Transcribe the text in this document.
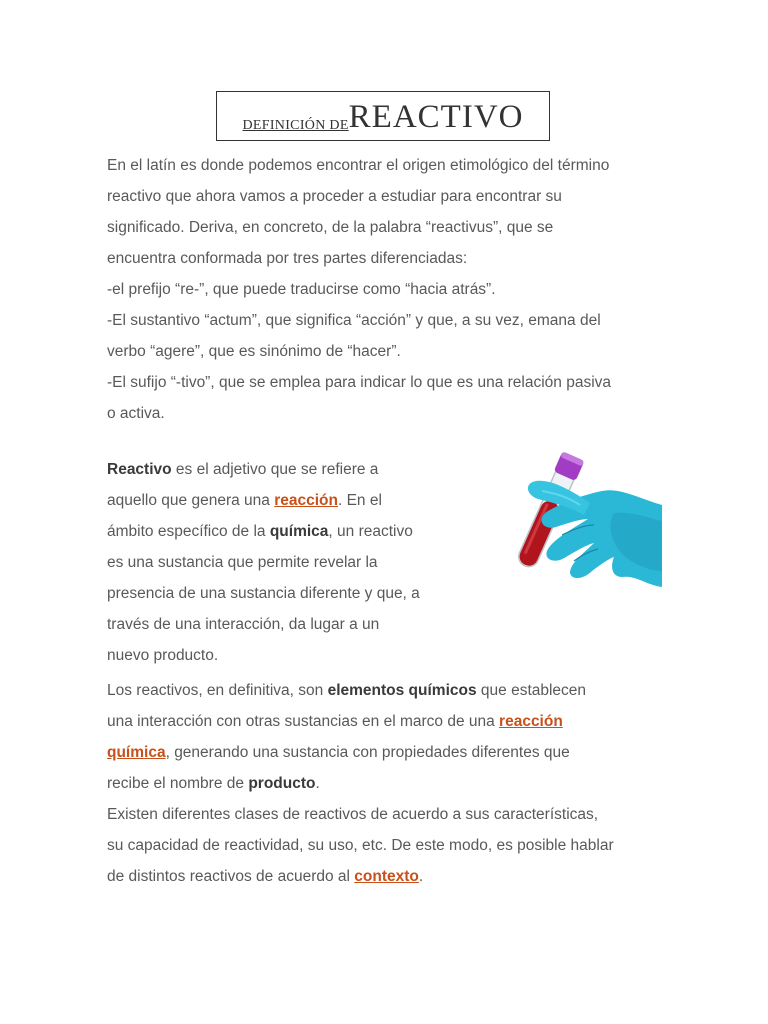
DEFINICIÓN DE REACTIVO

En el latín es donde podemos encontrar el origen etimológico del término
reactivo que ahora vamos a proceder a estudiar para encontrar su
significado. Deriva, en concreto, de la palabra “reactivus”, que se
encuentra conformada por tres partes diferenciadas:
-el prefijo “re-”, que puede traducirse como “hacia atrás”.
-El sustantivo “actum”, que significa “acción” y que, a su vez, emana del
verbo “agere”, que es sinónimo de “hacer”.
-El sufijo “-tivo”, que se emplea para indicar lo que es una relación pasiva
o activa.

Reactivo es el adjetivo que se refiere a
aquello que genera una reacción. En el
ámbito específico de la química, un reactivo
es una sustancia que permite revelar la
presencia de una sustancia diferente y que, a
través de una interacción, da lugar a un
nuevo producto.

Los reactivos, en definitiva, son elementos químicos que establecen
una interacción con otras sustancias en el marco de una reacción
química, generando una sustancia con propiedades diferentes que
recibe el nombre de producto.
Existen diferentes clases de reactivos de acuerdo a sus características,
su capacidad de reactividad, su uso, etc. De este modo, es posible hablar
de distintos reactivos de acuerdo al contexto.
